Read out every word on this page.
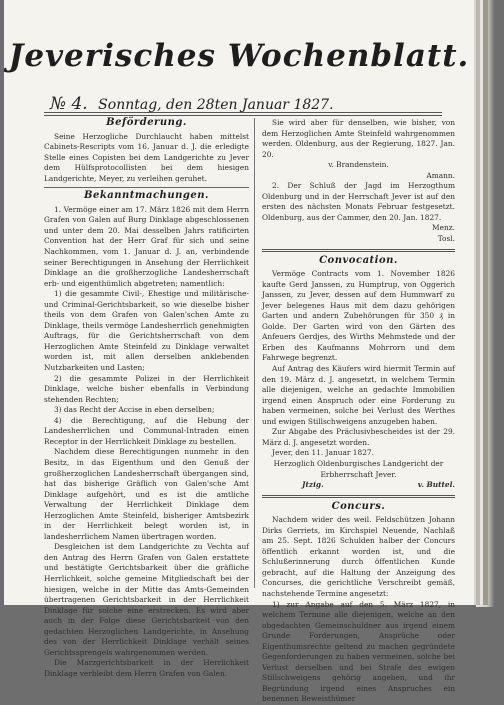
Jeverisches Wochenblatt.
№ 4. Sonntag, den 28ten Januar 1827.
Beförderung.

Seine Herzogliche Durchlaucht haben mittelst Cabinets-Rescripts vom 16. Januar d. J. die erledigte Stelle eines Copisten bei dem Landgerichte zu Jever dem Hülfsprotocollisten bei dem hiesigen Landgerichte, Meyer, zu verleihen geruhet.

Bekanntmachungen.

1. Vermöge einer am 17. März 1826 mit dem Herrn Grafen von Galen auf Burg Dinklage abgeschlossenen und unter dem 20. Mai desselben Jahrs ratificirten Convention hat der Herr Graf für sich und seine Nachkommen, vom 1. Januar d. J. an, verbindende seiner Berechtigungen in Ansehung der Herrlichkeit Dinklage an die großherzogliche Landesherrschaft erb- und eigenthümlich abgetreten; namentlich:

1) die gesammte Civil-, Ehestige und militärische- und Criminal-Gerichtsbarkeit, so wie dieselbe bisher theils von dem Grafen von Galen'schen Amte zu Dinklage, theils vermöge Landesherrlich genehmigten Auftrags, für die Gerichtsherrschaft von dem Herzoglichen Amte Steinfeld zu Dinklage verwaltet worden ist, mit allen derselben anklebenden Nutzbarkeiten und Lasten;

2) die gesammte Polizei in der Herrlichkeit Dinklage, welche bisher ebenfalls in Verbindung stehenden Rechten;

3) das Recht der Accise in eben derselben;

4) die Berechtigung, auf die Hebung der Landesherrlichen und Communal-Intraden einen Receptor in der Herrlichkeit Dinklage zu bestellen.

Nachdem diese Berechtigungen nunmehr in den Besitz, in das Eigenthum und den Genuß der großherzoglichen Landesherrschaft übergangen sind, hat das bisherige Gräflich von Galen'sche Amt Dinklage aufgehört, und es ist die amtliche Verwaltung der Herrlichkeit Dinklage dem Herzoglichen Amte Steinfeld, bisheriger Amtsbezirk in der Herrlichkeit belegt worden ist, in landesherrlichem Namen übertragen worden.

Desgleichen ist dem Landgerichte zu Vechta auf den Antrag des Herrn Grafen von Galen erstattete und bestätigte Gerichtsbarkeit über die gräfliche Herrlichkeit, solche gemeine Mitgliedschaft bei der hiesigen, welche in der Mitte das Amts-Gemeinden übertragenen Gerichtsbarkeit in der Herrlichkeit Dinklage für solche eine erstrecken. Es wird aber auch in der Folge diese Gerichtsbarkeit von den gedachten Herzoglichen Landgerichte, in Ansehung des von der Herrlichkeit Dinklage verhält seines Gerichtssprengels wahrgenommen werden.

Die Marzgerichtsbarkeit in der Herrlichkeit Dinklage verbleibt dem Herrn Grafen von Galen.

Sie wird aber für denselben, wie bisher, von dem Herzoglichen Amte Steinfeld wahrgenommen werden. Oldenburg, aus der Regierung, 1827. Jan. 20.

v. Brandenstein.

Amann.

2. Der Schluß der Jagd im Herzogthum Oldenburg und in der Herrschaft Jever ist auf den ersten des nächsten Monats Februar festgesetzt. Oldenburg, aus der Cammer, den 20. Jan. 1827.

Menz.

Tosl.

Convocation.

Vermöge Contracts vom 1. November 1826 kaufte Gerd Janssen, zu Humptrup, von Oggerich Janssen, zu Jever, dessen auf dem Hummwarf zu Jever belegenes Haus mit dem dazu gehörigen Garten und andern Zubehörungen für 350 ₰ in Golde. Der Garten wird von den Gärten des Anfeuers Gerdjes, des Wirths Mehmstede und der Erben des Kaufmanns Mohrrorn und dem Fahrwege begrenzt.

Auf Antrag des Käufers wird hiermit Termin auf den 19. März d. J. angesetzt, in welchem Termin alle diejenigen, welche an gedachte Immobilien irgend einen Anspruch oder eine Forderung zu haben vermeinen, solche bei Verlust des Werthes und ewigen Stillschweigens anzugeben haben.

Zur Abgabe des Präclusivbescheides ist der 29. März d. J. angesetzt worden.

Jever, den 11. Januar 1827.

Herzoglich Oldenburgisches Landgericht der Erbherrschaft Jever.

Jtzig.	v. Buttel.

Concurs.

Nachdem wider des weil. Feldschützen Johann Dirks Gerriets, im Kirchspiel Neuende, Nachlaß am 25. Sept. 1826 Schulden halber der Concurs öffentlich erkannt worden ist, und die Schlußerinnerung durch öffentlichen Kunde gebracht, auf die Haltung der Anzeigung des Concurses, die gerichtliche Verschreibt gemäß, nachstehende Termine angesetzt:

1) zur Angabe auf den 5. März 1827, in welchem Termine alle diejenigen, welche an den obgedachten Gemeinschuldner aus irgend einem Grunde Forderungen, Ansprüche oder Eigenthumsrechte geltend zu machen gegründete Gegenforderungen zu haben vermeinen, solche bei Verlust derselben und bei Strafe des ewigen Stillschweigens gehörig angeben, und ihr Begründung irgend eines Anspruches ein benennen Beweisthümer
